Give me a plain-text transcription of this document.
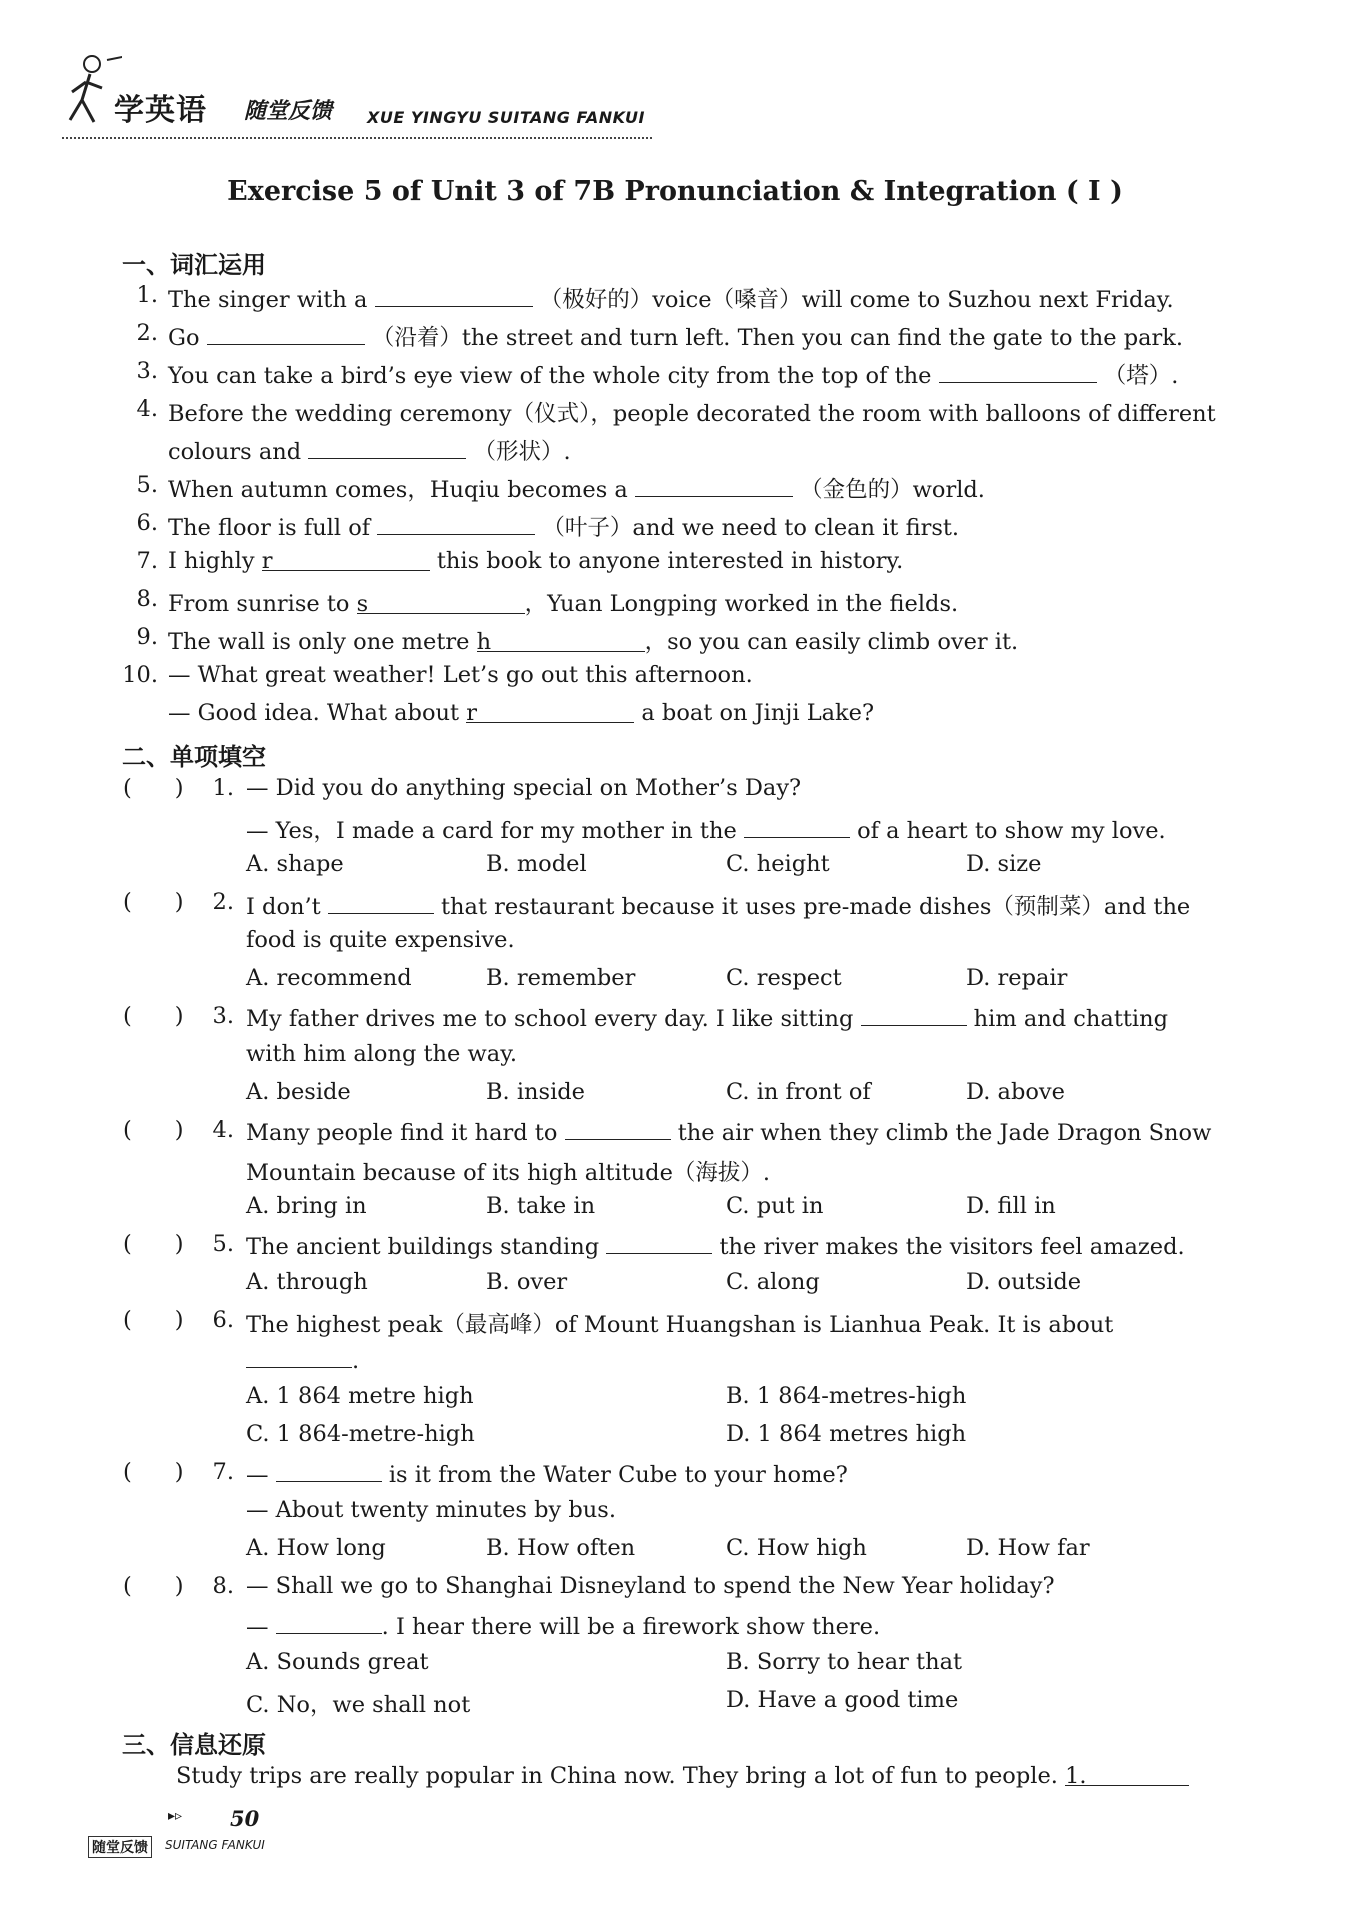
学英语 随堂反馈 XUE YINGYU SUITANG FANKUI
Exercise 5 of Unit 3 of 7B Pronunciation & Integration ( Ⅰ )
一、词汇运用
1. The singer with a	（极好的）voice（嗓音）will come to Suzhou next Friday.
2. Go	（沿着）the street and turn left. Then you can find the gate to the park.
3. You can take a bird’s eye view of the whole city from the top of the	（塔）.
4. Before the wedding ceremony（仪式），people decorated the room with balloons of different
colours and	（形状）.
5. When autumn comes，Huqiu becomes a	（金色的）world.
6. The floor is full of	（叶子）and we need to clean it first.
7. I highly r	this book to anyone interested in history.
8. From sunrise to s	，Yuan Longping worked in the fields.
9. The wall is only one metre h	，so you can easily climb over it.
10. — What great weather! Let’s go out this afternoon.
— Good idea. What about r	a boat on Jinji Lake?
二、单项填空
(      )	1. — Did you do anything special on Mother’s Day?
— Yes，I made a card for my mother in the	of a heart to show my love.
A. shape	B. model	C. height	D. size
(      )	2. I don’t	that restaurant because it uses pre-made dishes（预制菜）and the
food is quite expensive.
A. recommend	B. remember	C. respect	D. repair
(      )	3. My father drives me to school every day. I like sitting	him and chatting
with him along the way.
A. beside	B. inside	C. in front of	D. above
(      )	4. Many people find it hard to	the air when they climb the Jade Dragon Snow
Mountain because of its high altitude（海拔）.
A. bring in	B. take in	C. put in	D. fill in
(      )	5. The ancient buildings standing	the river makes the visitors feel amazed.
A. through	B. over	C. along	D. outside
(      )	6. The highest peak（最高峰）of Mount Huangshan is Lianhua Peak. It is about
.
A. 1 864 metre high	B. 1 864-metres-high
C. 1 864-metre-high	D. 1 864 metres high
(      )	7. —	is it from the Water Cube to your home?
— About twenty minutes by bus.
A. How long	B. How often	C. How high	D. How far
(      )	8. — Shall we go to Shanghai Disneyland to spend the New Year holiday?
—	. I hear there will be a firework show there.
A. Sounds great	B. Sorry to hear that
C. No，we shall not	D. Have a good time
三、信息还原
Study trips are really popular in China now. They bring a lot of fun to people. 1.
▸▹ 50
随堂反馈	SUITANG FANKUI
